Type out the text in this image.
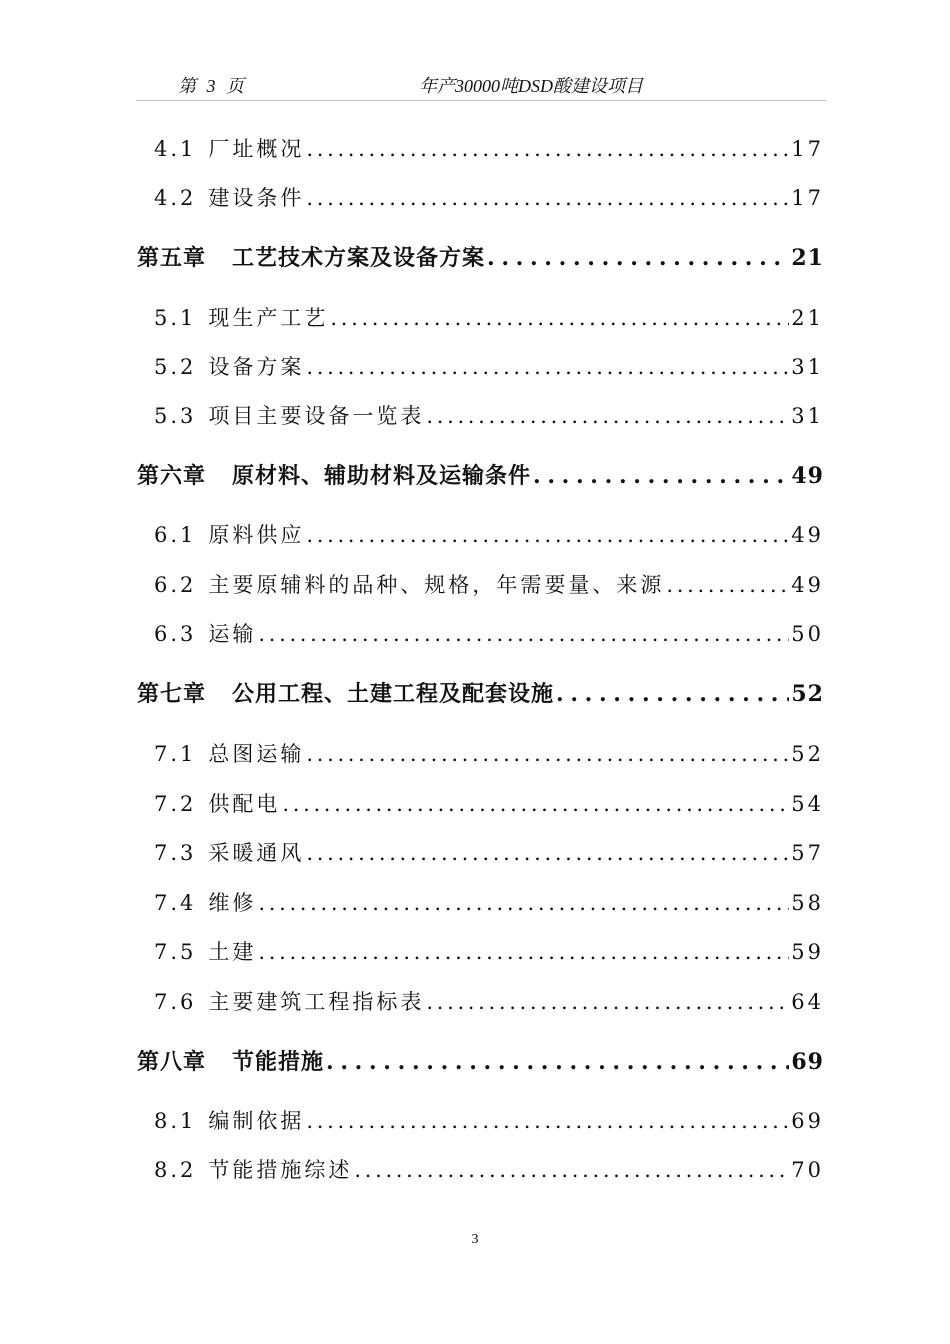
第 3 页	年产30000吨DSD酸建设项目
4.1 厂址概况 . . .	17
4.2 建设条件 . . .	17
第五章 工艺技术方案及设备方案 . . .	21
5.1 现生产工艺 . . .	21
5.2 设备方案 . . .	31
5.3 项目主要设备一览表 . . .	31
第六章 原材料、辅助材料及运输条件 . . .	49
6.1 原料供应 . . .	49
6.2 主要原辅料的品种、规格，年需要量、来源 . . .	49
6.3 运输 . . .	50
第七章 公用工程、土建工程及配套设施 . . .	52
7.1 总图运输 . . .	52
7.2 供配电 . . .	54
7.3 采暖通风 . . .	57
7.4 维修 . . .	58
7.5 土建 . . .	59
7.6 主要建筑工程指标表 . . .	64
第八章 节能措施 . . .	69
8.1 编制依据 . . .	69
8.2 节能措施综述 . . .	70
3
